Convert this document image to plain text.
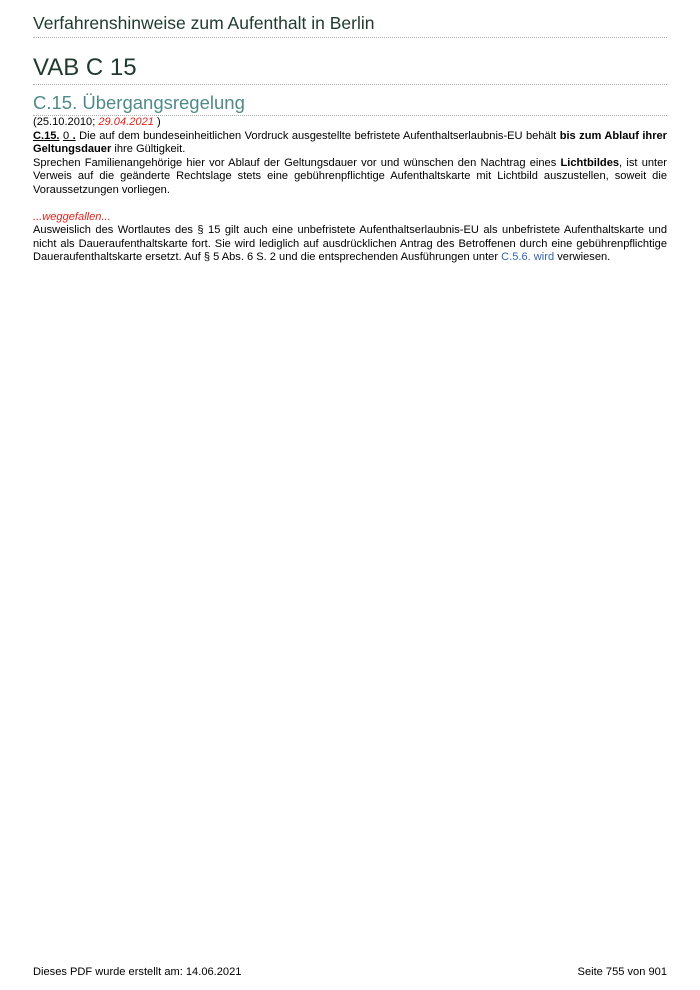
Verfahrenshinweise zum Aufenthalt in Berlin
VAB C 15
C.15. Übergangsregelung

(25.10.2010; 29.04.2021 )

C.15. 0 . Die auf dem bundeseinheitlichen Vordruck ausgestellte befristete Aufenthaltserlaubnis-EU behält bis zum Ablauf ihrer Geltungsdauer ihre Gültigkeit.

Sprechen Familienangehörige hier vor Ablauf der Geltungsdauer vor und wünschen den Nachtrag eines Lichtbildes, ist unter Verweis auf die geänderte Rechtslage stets eine gebührenpflichtige Aufenthaltskarte mit Lichtbild auszustellen, soweit die Voraussetzungen vorliegen.

...weggefallen...

Ausweislich des Wortlautes des § 15 gilt auch eine unbefristete Aufenthaltserlaubnis-EU als unbefristete Aufenthaltskarte und nicht als Daueraufenthaltskarte fort. Sie wird lediglich auf ausdrücklichen Antrag des Betroffenen durch eine gebührenpflichtige Daueraufenthaltskarte ersetzt. Auf § 5 Abs. 6 S. 2 und die entsprechenden Ausführungen unter C.5.6. wird verwiesen.

Dieses PDF wurde erstellt am: 14.06.2021	Seite 755 von 901
